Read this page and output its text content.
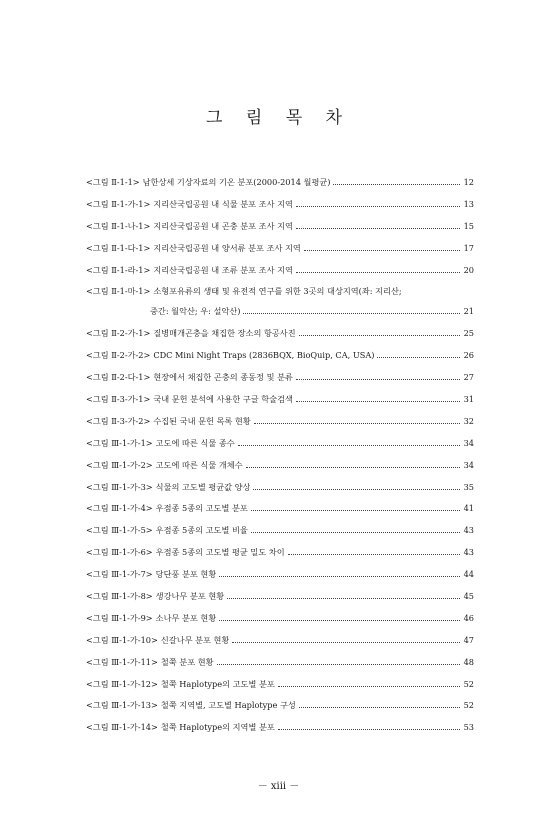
그 림 목 차
<그림 Ⅱ-1-1> 남한상세 기상자료의 기온 분포(2000-2014 월평균)	12
<그림 Ⅱ-1-가-1> 지리산국립공원 내 식물 분포 조사 지역	13
<그림 Ⅱ-1-나-1> 지리산국립공원 내 곤충 분포 조사 지역	15
<그림 Ⅱ-1-다-1> 지리산국립공원 내 양서류 분포 조사 지역	17
<그림 Ⅱ-1-라-1> 지리산국립공원 내 조류 분포 조사 지역	20
<그림 Ⅱ-1-마-1> 소형포유류의 생태 및 유전적 연구를 위한 3곳의 대상지역(좌: 지리산;
중간: 월악산; 우: 설악산)	21
<그림 Ⅱ-2-가-1> 질병매개곤충을 채집한 장소의 항공사진	25
<그림 Ⅱ-2-가-2> CDC Mini Night Traps (2836BQX, BioQuip, CA, USA)	26
<그림 Ⅱ-2-다-1> 현장에서 채집한 곤충의 종동정 및 분류	27
<그림 Ⅱ-3-가-1> 국내 문헌 분석에 사용한 구글 학술검색	31
<그림 Ⅱ-3-가-2> 수집된 국내 문헌 목록 현황	32
<그림 Ⅲ-1-가-1> 고도에 따른 식물 종수	34
<그림 Ⅲ-1-가-2> 고도에 따른 식물 개체수	34
<그림 Ⅲ-1-가-3> 식물의 고도별 평균값 양상	35
<그림 Ⅲ-1-가-4> 우점종 5종의 고도별 분포	41
<그림 Ⅲ-1-가-5> 우점종 5종의 고도별 비율	43
<그림 Ⅲ-1-가-6> 우점종 5종의 고도별 평균 밀도 차이	43
<그림 Ⅲ-1-가-7> 당단풍 분포 현황	44
<그림 Ⅲ-1-가-8> 생강나무 분포 현황	45
<그림 Ⅲ-1-가-9> 소나무 분포 현황	46
<그림 Ⅲ-1-가-10> 신갈나무 분포 현황	47
<그림 Ⅲ-1-가-11> 철쭉 분포 현황	48
<그림 Ⅲ-1-가-12> 철쭉 Haplotype의 고도별 분포	52
<그림 Ⅲ-1-가-13> 철쭉 지역별, 고도별 Haplotype 구성	52
<그림 Ⅲ-1-가-14> 철쭉 Haplotype의 지역별 분포	53
－ xiii －
